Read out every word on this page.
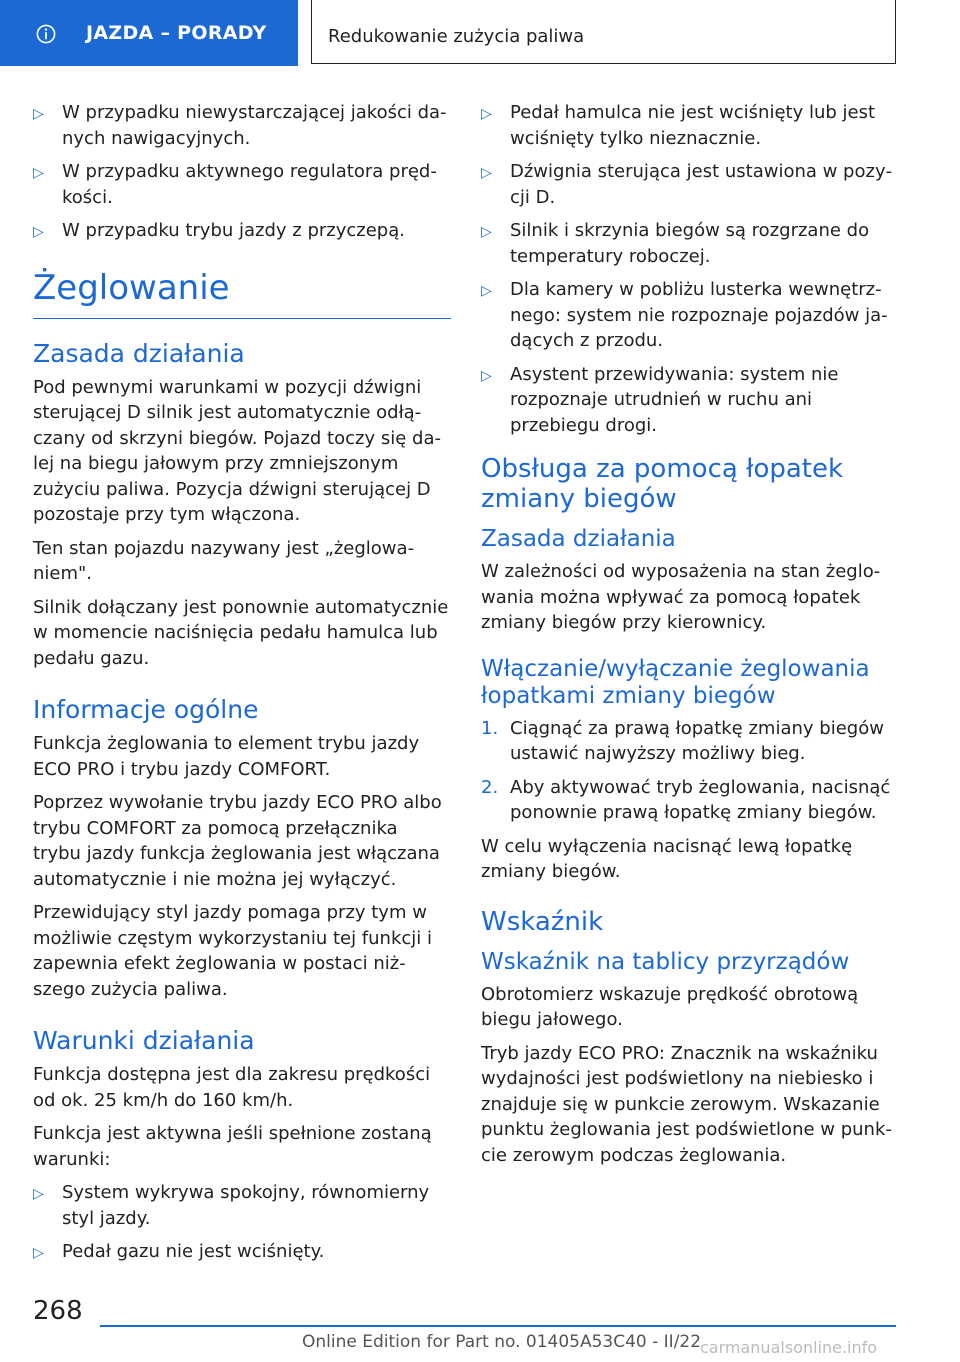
JAZDA – PORADY	Redukowanie zużycia paliwa
▷ W przypadku niewystarczającej jakości danych nawigacyjnych.
▷ W przypadku aktywnego regulatora prędkości.
▷ W przypadku trybu jazdy z przyczepą.
Żeglowanie
Zasada działania

Pod pewnymi warunkami w pozycji dźwigni sterującej D silnik jest automatycznie odłączany od skrzyni biegów. Pojazd toczy się dalej na biegu jałowym przy zmniejszonym zużyciu paliwa. Pozycja dźwigni sterującej D pozostaje przy tym włączona.

Ten stan pojazdu nazywany jest „żeglowaniem".

Silnik dołączany jest ponownie automatycznie w momencie naciśnięcia pedału hamulca lub pedału gazu.

Informacje ogólne

Funkcja żeglowania to element trybu jazdy ECO PRO i trybu jazdy COMFORT.

Poprzez wywołanie trybu jazdy ECO PRO albo trybu COMFORT za pomocą przełącznika trybu jazdy funkcja żeglowania jest włączana automatycznie i nie można jej wyłączyć.

Przewidujący styl jazdy pomaga przy tym w możliwie częstym wykorzystaniu tej funkcji i zapewnia efekt żeglowania w postaci niższego zużycia paliwa.

Warunki działania

Funkcja dostępna jest dla zakresu prędkości od ok. 25 km/h do 160 km/h.

Funkcja jest aktywna jeśli spełnione zostaną warunki:

▷ System wykrywa spokojny, równomierny styl jazdy.
▷ Pedał gazu nie jest wciśnięty.
▷ Pedał hamulca nie jest wciśnięty lub jest wciśnięty tylko nieznacznie.
▷ Dźwignia sterująca jest ustawiona w pozycji D.
▷ Silnik i skrzynia biegów są rozgrzane do temperatury roboczej.
▷ Dla kamery w pobliżu lusterka wewnętrznego: system nie rozpoznaje pojazdów jadących z przodu.
▷ Asystent przewidywania: system nie rozpoznaje utrudnień w ruchu ani przebiegu drogi.
Obsługa za pomocą łopatek zmiany biegów
Zasada działania

W zależności od wyposażenia na stan żeglowania można wpływać za pomocą łopatek zmiany biegów przy kierownicy.

Włączanie/wyłączanie żeglowania łopatkami zmiany biegów
1. Ciągnąć za prawą łopatkę zmiany biegów ustawić najwyższy możliwy bieg.
2. Aby aktywować tryb żeglowania, nacisnąć ponownie prawą łopatkę zmiany biegów.

W celu wyłączenia nacisnąć lewą łopatkę zmiany biegów.

Wskaźnik
Wskaźnik na tablicy przyrządów

Obrotomierz wskazuje prędkość obrotową biegu jałowego.

Tryb jazdy ECO PRO: Znacznik na wskaźniku wydajności jest podświetlony na niebiesko i znajduje się w punkcie zerowym. Wskazanie punktu żeglowania jest podświetlone w punkcie zerowym podczas żeglowania.

268
Online Edition for Part no. 01405A53C40 - II/22
carmanualsonline.info
